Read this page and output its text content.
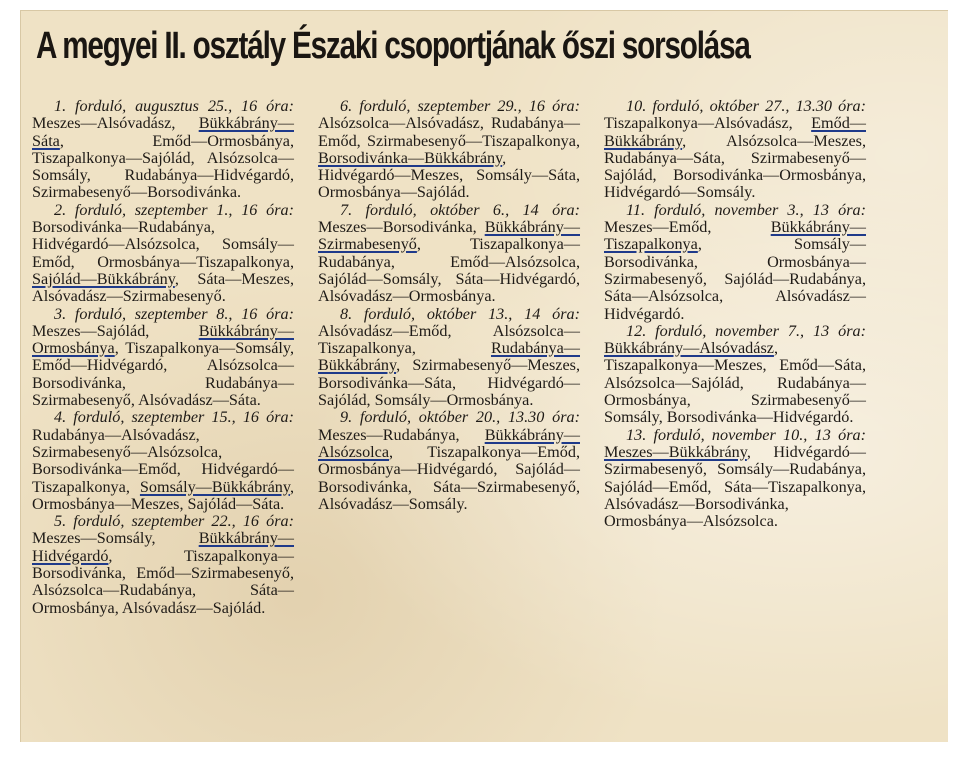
A megyei II. osztály Északi csoportjának őszi sorsolása

1. forduló, augusztus 25., 16 óra: Meszes—Alsóvadász, Bükkábrány—Sáta, Emőd—Ormosbánya, Tiszapalkonya—Sajólád, Alsózsolca—Somsály, Rudabánya—Hidvégardó, Szirmabesenyő—Borsodivánka.

2. forduló, szeptember 1., 16 óra: Borsodivánka—Rudabánya, Hidvégardó—Alsózsolca, Somsály—Emőd, Ormosbánya—Tiszapalkonya, Sajólád—Bükkábrány, Sáta—Meszes, Alsóvadász—Szirmabesenyő.

3. forduló, szeptember 8., 16 óra: Meszes—Sajólád, Bükkábrány—Ormosbánya, Tiszapalkonya—Somsály, Emőd—Hidvégardó, Alsózsolca—Borsodivánka, Rudabánya—Szirmabesenyő, Alsóvadász—Sáta.

4. forduló, szeptember 15., 16 óra: Rudabánya—Alsóvadász, Szirmabesenyő—Alsózsolca, Borsodivánka—Emőd, Hidvégardó—Tiszapalkonya, Somsály—Bükkábrány, Ormosbánya—Meszes, Sajólád—Sáta.

5. forduló, szeptember 22., 16 óra: Meszes—Somsály, Bükkábrány—Hidvégardó, Tiszapalkonya—Borsodivánka, Emőd—Szirmabesenyő, Alsózsolca—Rudabánya, Sáta—Ormosbánya, Alsóvadász—Sajólád.

6. forduló, szeptember 29., 16 óra: Alsózsolca—Alsóvadász, Rudabánya—Emőd, Szirmabesenyő—Tiszapalkonya, Borsodivánka—Bükkábrány, Hidvégardó—Meszes, Somsály—Sáta, Ormosbánya—Sajólád.

7. forduló, október 6., 14 óra: Meszes—Borsodivánka, Bükkábrány—Szirmabesenyő, Tiszapalkonya—Rudabánya, Emőd—Alsózsolca, Sajólád—Somsály, Sáta—Hidvégardó, Alsóvadász—Ormosbánya.

8. forduló, október 13., 14 óra: Alsóvadász—Emőd, Alsózsolca—Tiszapalkonya, Rudabánya—Bükkábrány, Szirmabesenyő—Meszes, Borsodivánka—Sáta, Hidvégardó—Sajólád, Somsály—Ormosbánya.

9. forduló, október 20., 13.30 óra: Meszes—Rudabánya, Bükkábrány—Alsózsolca, Tiszapalkonya—Emőd, Ormosbánya—Hidvégardó, Sajólád—Borsodivánka, Sáta—Szirmabesenyő, Alsóvadász—Somsály.

10. forduló, október 27., 13.30 óra: Tiszapalkonya—Alsóvadász, Emőd—Bükkábrány, Alsózsolca—Meszes, Rudabánya—Sáta, Szirmabesenyő—Sajólád, Borsodivánka—Ormosbánya, Hidvégardó—Somsály.

11. forduló, november 3., 13 óra: Meszes—Emőd, Bükkábrány—Tiszapalkonya, Somsály—Borsodivánka, Ormosbánya—Szirmabesenyő, Sajólád—Rudabánya, Sáta—Alsózsolca, Alsóvadász—Hidvégardó.

12. forduló, november 7., 13 óra: Bükkábrány—Alsóvadász, Tiszapalkonya—Meszes, Emőd—Sáta, Alsózsolca—Sajólád, Rudabánya—Ormosbánya, Szirmabesenyő—Somsály, Borsodivánka—Hidvégardó.

13. forduló, november 10., 13 óra: Meszes—Bükkábrány, Hidvégardó—Szirmabesenyő, Somsály—Rudabánya, Sajólád—Emőd, Sáta—Tiszapalkonya, Alsóvadász—Borsodivánka, Ormosbánya—Alsózsolca.
